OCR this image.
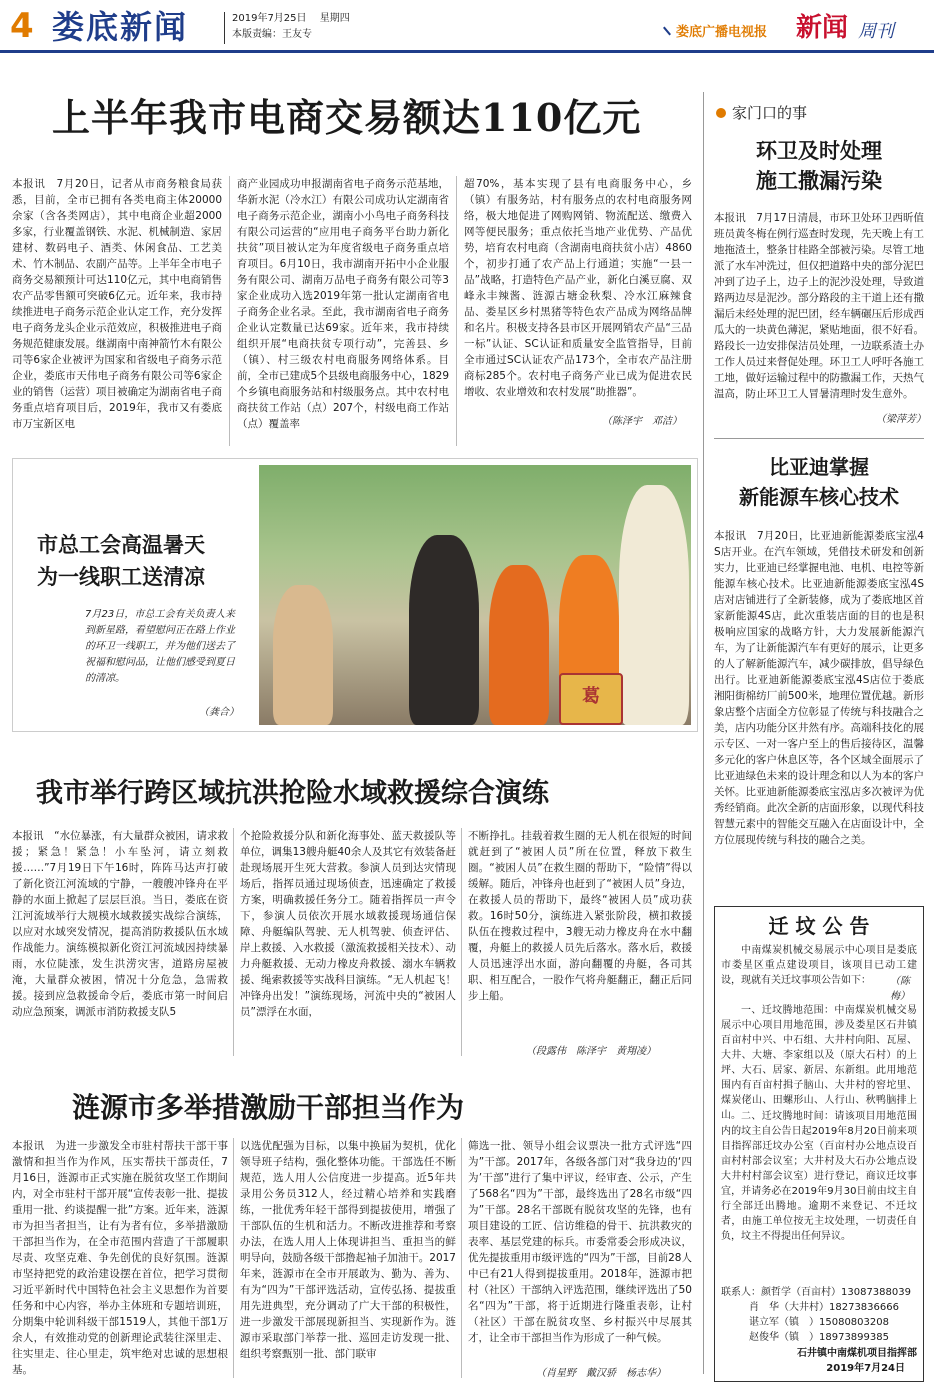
4 娄底新闻	2019年7月25日 星期四
本版责编：王友专	娄底广播电视报 新闻 周刊
上半年我市电商交易额达110亿元

本报讯　7月20日，记者从市商务粮食局获悉，目前，全市已拥有各类电商主体20000余家（含各类网店），其中电商企业超2000多家，行业覆盖钢铁、水泥、机械制造、家居建材、数码电子、酒类、休闲食品、工艺美术、竹木制品、农副产品等。上半年全市电子商务交易额预计可达110亿元，其中电商销售农产品零售额可突破6亿元。近年来，我市持续推进电子商务示范企业认定工作，充分发挥电子商务龙头企业示范效应，积极推进电子商务规范健康发展。继湖南中南神箭竹木有限公司等6家企业被评为国家和省级电子商务示范企业，娄底市天伟电子商务有限公司等6家企业的销售（运营）项目被确定为湖南省电子商务重点培育项目后，2019年，我市又有娄底市万宝新区电

商产业园成功申报湖南省电子商务示范基地，华新水泥（冷水江）有限公司成功认定湖南省电子商务示范企业，湖南小小鸟电子商务科技有限公司运营的“应用电子商务平台助力新化扶贫”项目被认定为年度省级电子商务重点培育项目。6月10日，我市湖南开拓中小企业服务有限公司、湖南万品电子商务有限公司等3家企业成功入选2019年第一批认定湖南省电子商务企业名录。至此，我市湖南省电子商务企业认定数量已达69家。近年来，我市持续组织开展“电商扶贫专项行动”，完善县、乡（镇）、村三级农村电商服务网络体系。目前，全市已建成5个县级电商服务中心，1829个乡镇电商服务站和村级服务点。其中农村电商扶贫工作站（点）207个，村级电商工作站（点）覆盖率

超70%，基本实现了县有电商服务中心，乡（镇）有服务站，村有服务点的农村电商服务网络，极大地促进了网购网销、物流配送、缴费入网等便民服务；重点依托当地产业优势、产品优势，培育农村电商（含湖南电商扶贫小店）4860个，初步打通了农产品上行通道；实施“一县一品”战略，打造特色产品产业，新化白溪豆腐、双峰永丰辣酱、涟源古塘金秋梨、冷水江麻辣食品、娄星区乡村黑猪等特色农产品成为网络品牌和名片。积极支持各县市区开展网销农产品“三品一标”认证、SC认证和质量安全监管指导，目前全市通过SC认证农产品173个，全市农产品注册商标285个。农村电子商务产业已成为促进农民增收、农业增效和农村发展“助推器”。

（陈泽宇　邓洁）
家门口的事
环卫及时处理
施工撒漏污染

本报讯　7月17日清晨，市环卫处环卫西昕值班员黄冬梅在例行巡查时发现，先天晚上有工地拖渣土，整条甘桂路全部被污染。尽管工地派了水车冲洗过，但仅把道路中央的部分泥巴冲到了边子上，边子上的泥沙没处理，导致道路两边尽是泥沙。部分路段的主干道上还有撒漏后未经处理的泥巴团，经车辆碾压后形成西瓜大的一块黄色薄泥，紧贴地面，很不好看。路段长一边安排保洁员处理，一边联系渣土办工作人员过来督促处理。环卫工人呼吁各施工工地，做好运输过程中的防撒漏工作，天热气温高，防止环卫工人冒暑清理时发生意外。

（梁萍芳）
比亚迪掌握
新能源车核心技术

本报讯　7月20日，比亚迪新能源娄底宝泓4S店开业。在汽车领域，凭借技术研发和创新实力，比亚迪已经掌握电池、电机、电控等新能源车核心技术。比亚迪新能源娄底宝泓4S店对店铺进行了全新装修，成为了娄底地区首家新能源4S店，此次重装店面的目的也是积极响应国家的战略方针，大力发展新能源汽车，为了让新能源汽车有更好的展示，让更多的人了解新能源汽车，减少碳排放，倡导绿色出行。比亚迪新能源娄底宝泓4S店位于娄底湘阳街棉纺厂前500米，地理位置优越。新形象店整个店面全方位彰显了传统与科技融合之美，店内功能分区井然有序。高端科技化的展示专区、一对一客户至上的售后接待区，温馨多元化的客户休息区等，各个区域全面展示了比亚迪绿色未来的设计理念和以人为本的客户关怀。比亚迪新能源娄底宝泓店多次被评为优秀经销商。此次全新的店面形象，以现代科技智慧元素中的智能交互融入在店面设计中，全方位展现传统与科技的融合之美。

（陈梅）
市总工会高温暑天
为一线职工送清凉

7月23日，市总工会有关负责人来到新星路，看望慰问正在路上作业的环卫一线职工，并为他们送去了祝福和慰问品，让他们感受到夏日的清凉。

（龚合）
葛
我市举行跨区域抗洪抢险水域救援综合演练

本报讯　“水位暴涨，有大量群众被困，请求救援；紧急！紧急！小车坠河，请立刻救援……”7月19日下午16时，阵阵马达声打破了新化资江河流域的宁静，一艘艘冲锋舟在平静的水面上掀起了层层巨浪。当日，娄底在资江河流域举行大规模水域救援实战综合演练，以应对水域突发情况，提高消防救援队伍水域作战能力。演练模拟新化资江河流域因持续暴雨，水位陡涨，发生洪涝灾害，道路房屋被淹，大量群众被困，情况十分危急，急需救援。接到应急救援命令后，娄底市第一时间启动应急预案，调派市消防救援支队5

个抢险救援分队和新化海事处、蓝天救援队等单位，调集13艘舟艇40余人及其它有效装备赶赴现场展开生死大营救。参演人员到达灾情现场后，指挥员通过现场侦查，迅速确定了救援方案，明确救援任务分工。随着指挥员一声令下，参演人员依次开展水域救援现场通信保障、舟艇编队驾驶、无人机驾驶、侦查评估、岸上救援、入水救援（激流救援相关技术）、动力舟艇救援、无动力橡皮舟救援、溺水车辆救援、绳索救援等实战科目演练。“无人机起飞！冲锋舟出发！”演练现场，河流中央的“被困人员”漂浮在水面，

不断挣扎。挂载着救生圈的无人机在很短的时间就赶到了“被困人员”所在位置，释放下救生圈。“被困人员”在救生圈的帮助下，“险情”得以缓解。随后，冲锋舟也赶到了“被困人员”身边，在救援人员的帮助下，最终“被困人员”成功获救。16时50分，演练进入紧张阶段，横扣救援队伍在搜救过程中，3艘无动力橡皮舟在水中翻覆，舟艇上的救援人员先后落水。落水后，救援人员迅速浮出水面，游向翻覆的舟艇，各司其职、相互配合，一股作气将舟艇翻正，翻正后同步上船。

（段露伟　陈泽宇　黄翔凌）
涟源市多举措激励干部担当作为

本报讯　为进一步激发全市驻村帮扶干部干事激情和担当作为作风，压实帮扶干部责任，7月16日，涟源市正式实施在脱贫攻坚工作期间内，对全市驻村干部开展“宣传表彰一批、提拔重用一批、约谈提醒一批”方案。近年来，涟源市为担当者担当，让有为者有位，多举措激励干部担当作为，在全市范围内营造了干部履职尽责、攻坚克难、争先创优的良好氛围。涟源市坚持把党的政治建设摆在首位，把学习贯彻习近平新时代中国特色社会主义思想作为首要任务和中心内容，举办主体班和专题培训班，分期集中轮训科级干部1519人，其他干部1万余人，有效推动党的创新理论武装往深里走、往实里走、往心里走，筑牢绝对忠诚的思想根基。

以选优配强为目标，以集中换届为契机，优化领导班子结构，强化整体功能。干部选任不断规范，选人用人公信度进一步提高。近5年共录用公务员312人，经过精心培养和实践磨练，一批优秀年轻干部得到提拔使用，增强了干部队伍的生机和活力。不断改进推荐和考察办法，在选人用人上体现讲担当、重担当的鲜明导向，鼓励各级干部撸起袖子加油干。2017年来，涟源市在全市开展敢为、勤为、善为、有为“四为”干部评选活动，宣传弘扬、提拔重用先进典型，充分调动了广大干部的积极性，进一步激发干部展现新担当、实现新作为。涟源市采取部门举荐一批、巡回走访发现一批、组织考察甄别一批、部门联审

筛选一批、领导小组会议票决一批方式评选“四为”干部。2017年，各级各部门对“我身边的‘四为’干部”进行了集中评议，经审查、公示，产生了568名“四为”干部，最终选出了28名市级“四为”干部。28名干部既有脱贫攻坚的先锋，也有项目建设的工匠、信访维稳的骨干、抗洪救灾的表率、基层党建的标兵。市委常委会形成决议，优先提拔重用市级评选的“四为”干部，目前28人中已有21人得到提拔重用。2018年，涟源市把村（社区）干部纳入评选范围，继续评选出了50名“四为”干部，将于近期进行隆重表彰，让村（社区）干部在脱贫攻坚、乡村振兴中尽展其才，让全市干部担当作为形成了一种气候。

（肖星野　戴汉骄　杨志华）
迁 坟 公 告

中南煤炭机械交易展示中心项目是娄底市娄星区重点建设项目，该项目已动工建设，现就有关迁坟事项公告如下：

一、迁坟腾地范围：中南煤炭机械交易展示中心项目用地范围，涉及娄星区石井镇百亩村中兴、中石组、大井村向阳、瓦屋、大井、大塘、李家组以及（原大石村）的上坪、大石、居家、新居、东新组。此用地范围内有百亩村揖子脑山、大井村的窖坨里、煤炭佬山、田螺形山、人行山、秋鸭脑排上山。 二、迁坟腾地时间：请该项目用地范围内的坟主自公告日起2019年8月20日前来项目指挥部迁坟办公室（百亩村办公地点设百亩村村部会议室；大井村及大石办公地点设大井村村部会议室）进行登记，商议迁坟事宜，并请务必在2019年9月30日前由坟主自行全部迁出腾地。逾期不来登记、不迁坟者，由施工单位按无主坟处理，一切责任自负，坟主不得提出任何异议。

联系人：颜哲学（百亩村）13087388039
肖　华（大井村）18273836666
谌立军（镇　）15080803208
赵俊华（镇　）18973899385
石井镇中南煤机项目指挥部
2019年7月24日
